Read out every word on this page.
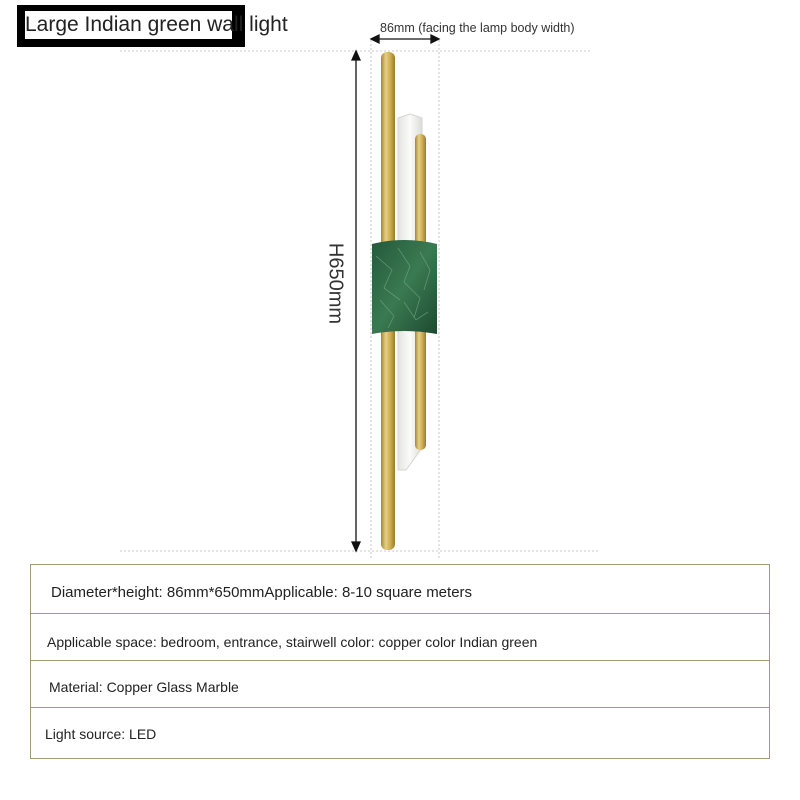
Large Indian green wall light	86mm (facing the lamp body width)
H650mm
Diameter*height: 86mm*650mmApplicable: 8-10 square meters
Applicable space: bedroom, entrance, stairwell color: copper color Indian green
Material: Copper Glass Marble
Light source: LED
